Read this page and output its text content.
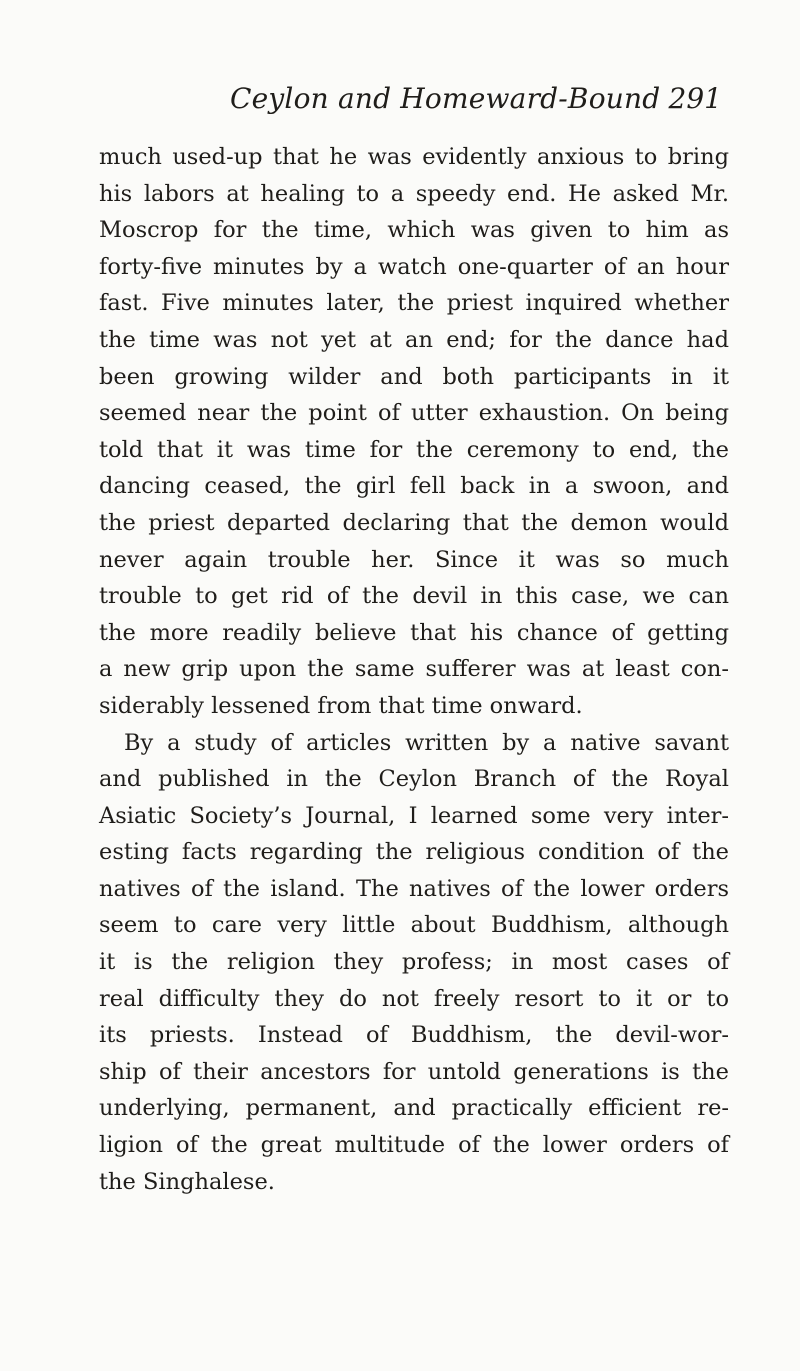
Ceylon and Homeward-Bound 291
much used-up that he was evidently anxious to bring
his labors at healing to a speedy end. He asked Mr.
Moscrop for the time, which was given to him as
forty-five minutes by a watch one-quarter of an hour
fast. Five minutes later, the priest inquired whether
the time was not yet at an end; for the dance had
been growing wilder and both participants in it
seemed near the point of utter exhaustion. On being
told that it was time for the ceremony to end, the
dancing ceased, the girl fell back in a swoon, and
the priest departed declaring that the demon would
never again trouble her. Since it was so much
trouble to get rid of the devil in this case, we can
the more readily believe that his chance of getting
a new grip upon the same sufferer was at least con-
siderably lessened from that time onward.
By a study of articles written by a native savant
and published in the Ceylon Branch of the Royal
Asiatic Society’s Journal, I learned some very inter-
esting facts regarding the religious condition of the
natives of the island. The natives of the lower orders
seem to care very little about Buddhism, although
it is the religion they profess; in most cases of
real difficulty they do not freely resort to it or to
its priests. Instead of Buddhism, the devil-wor-
ship of their ancestors for untold generations is the
underlying, permanent, and practically efficient re-
ligion of the great multitude of the lower orders of
the Singhalese.
